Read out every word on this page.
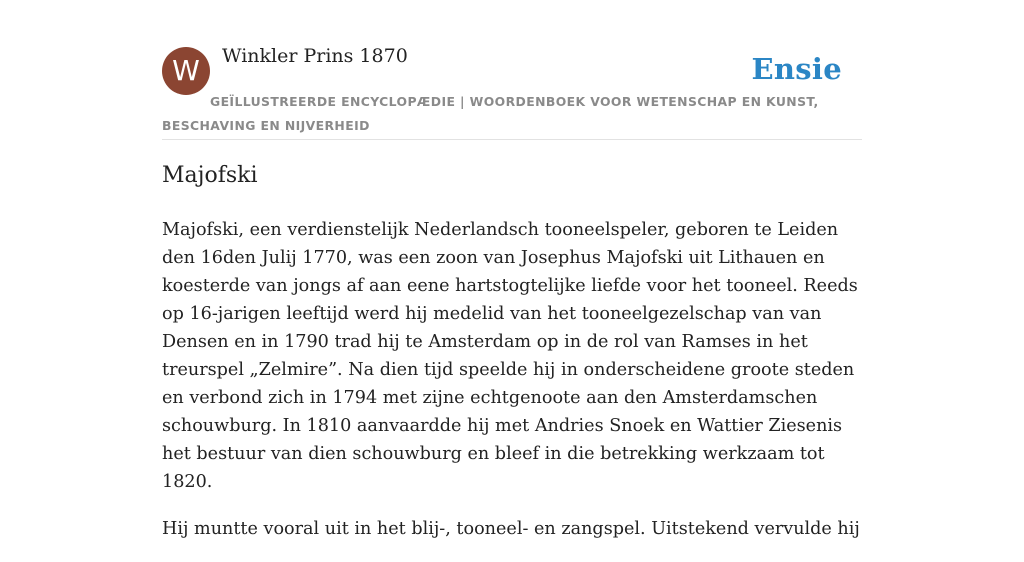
W	Winkler Prins 1870	Ensie
GEÏLLUSTREERDE ENCYCLOPÆDIE | WOORDENBOEK VOOR WETENSCHAP EN KUNST, BESCHAVING EN NIJVERHEID
Majofski

Majofski, een verdienstelijk Nederlandsch tooneelspeler, geboren te Leiden den 16den Julij 1770, was een zoon van Josephus Majofski uit Lithauen en koesterde van jongs af aan eene hartstogtelijke liefde voor het tooneel. Reeds op 16-jarigen leeftijd werd hij medelid van het tooneelgezelschap van van Densen en in 1790 trad hij te Amsterdam op in de rol van Ramses in het treurspel „Zelmire”. Na dien tijd speelde hij in onderscheidene groote steden en verbond zich in 1794 met zijne echtgenoote aan den Amsterdamschen schouwburg. In 1810 aanvaardde hij met Andries Snoek en Wattier Ziesenis het bestuur van dien schouwburg en bleef in die betrekking werkzaam tot 1820.

Hij muntte vooral uit in het blij-, tooneel- en zangspel. Uitstekend vervulde hij
